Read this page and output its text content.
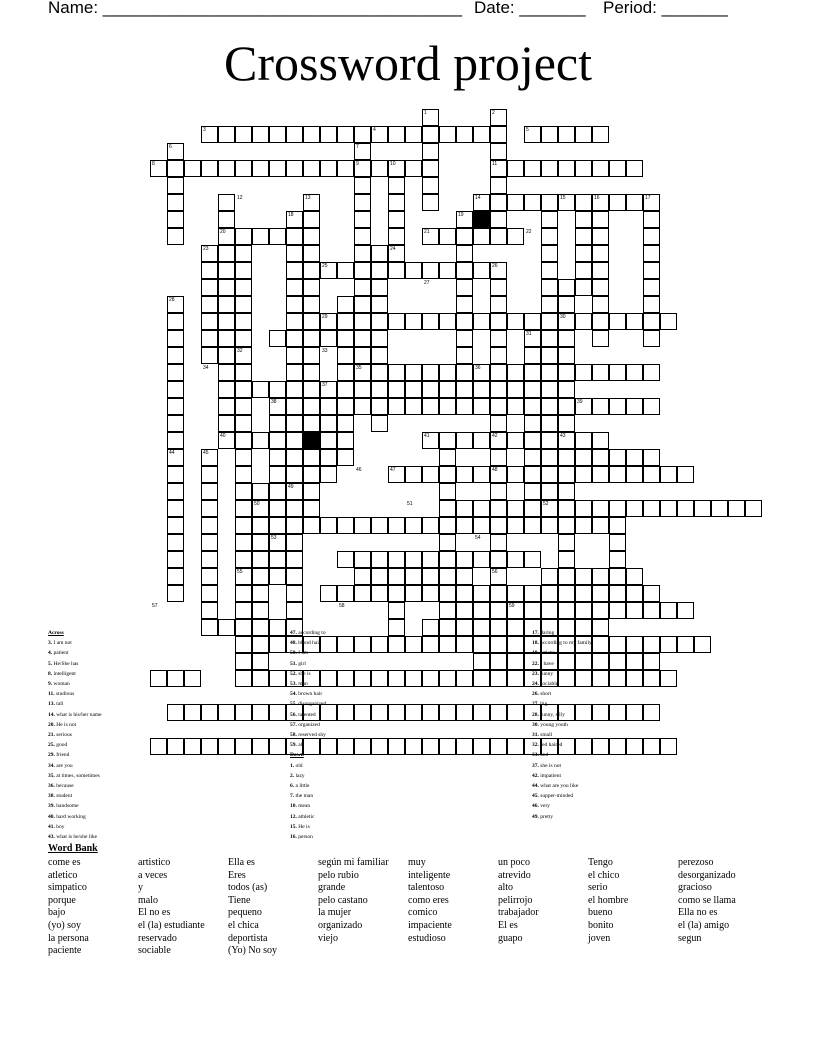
Name: ______________________________________ Date: _______ Period: _______
Crossword project
1	2
3	4	5
6	7
8	9	10	11
12	13	14	15	16	17
18	19
20	21	22
23	24
25	26
27
28
29	30
31
32	33
34	35	36
37
38	39
40	41	42	43
44	45
46	47	48
49
50	51	52
53	54
55	56
57	58	59
Across
3. I am not
4. patient
5. He/She has
8. intelligent
9. woman
11. studious
13. tall
14. what is his/her name
20. He is not
21. serious
25. good
29. friend
34. are you
35. at times, sometimes
36. because
38. student
39. handsome
40. hard working
41. boy
43. what is he/she like
47. according to
48. blond hair
50. I am
51. girl
52. she is
53. man
54. brown hair
55. disorganized
56. talented
57. organized
58. reserved shy
59. all
Down
1. old
2. lazy
6. a little
7. the man
10. mean
12. athletic
15. He is
16. person
17. daring
18. according to my family
19. artistic
22. I have
23. funny
24. sociable
26. short
27. big
28. funny, silly
30. young youth
31. small
32. red haired
33. and
37. she is not
42. impatient
44. what are you like
45. supper-minded
46. very
49. pretty
Word Bank
come es	artistico	Ella es	según mi familiar	muy	un poco	Tengo	perezoso
atletico	a veces	Eres	pelo rubio	inteligente	atrevido	el chico	desorganizado
simpatico	y	todos (as)	grande	talentoso	alto	serio	gracioso
porque	malo	Tiene	pelo castano	como eres	pelirrojo	el hombre	como se llama
bajo	El no es	pequeno	la mujer	comico	trabajador	bueno	Ella no es
(yo) soy	el (la) estudiante	el chica	organizado	impaciente	El es	bonito	el (la) amigo
la persona	reservado	deportista	viejo	estudioso	guapo	joven	segun
paciente	sociable	(Yo) No soy
